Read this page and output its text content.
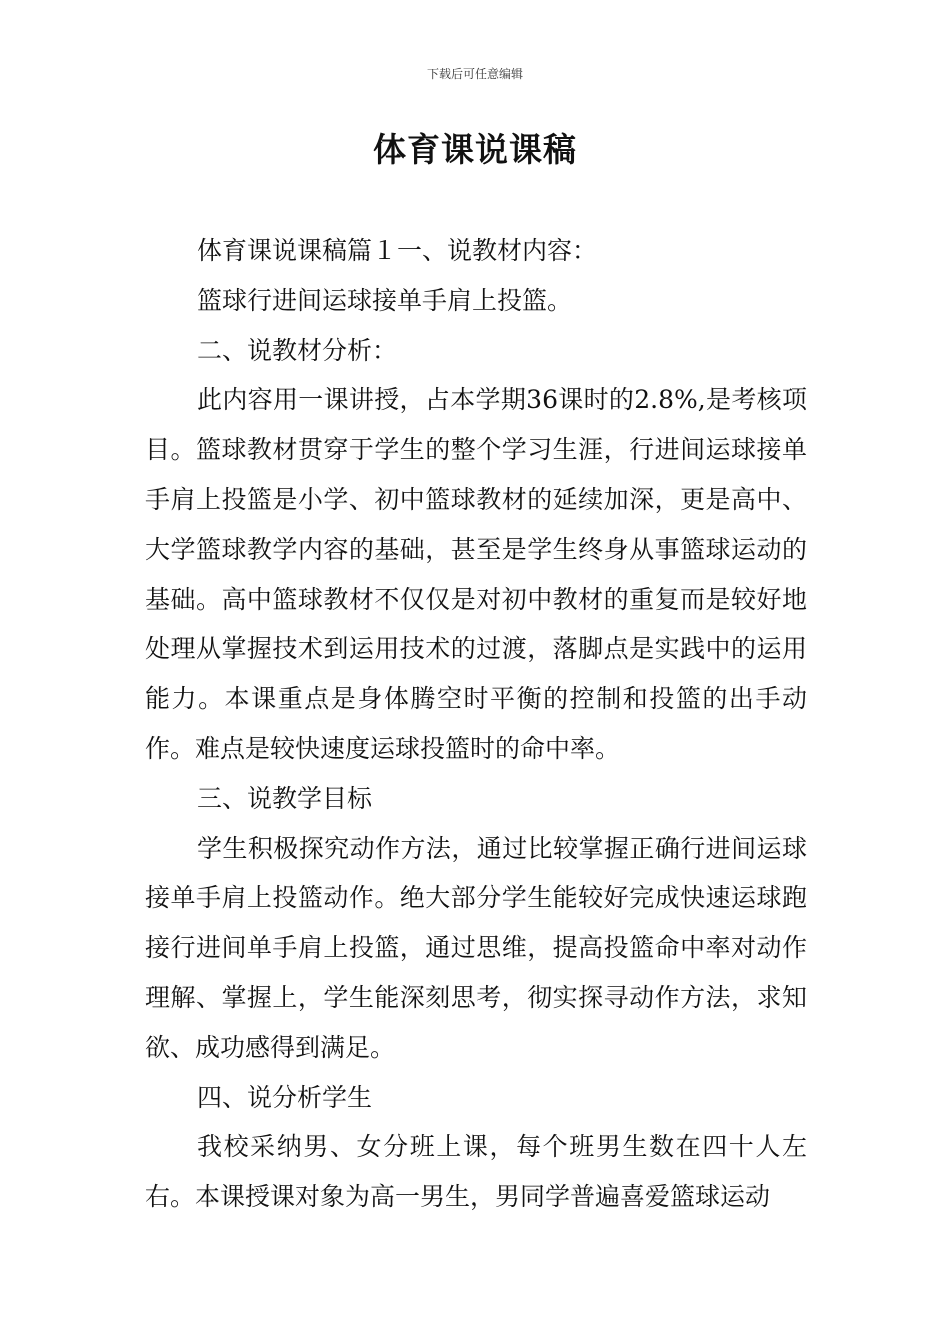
下载后可任意编辑
体育课说课稿

体育课说课稿篇１一、说教材内容：

篮球行进间运球接单手肩上投篮。

二、说教材分析：

此内容用一课讲授，占本学期36课时的2.8%,是考核项目。篮球教材贯穿于学生的整个学习生涯，行进间运球接单手肩上投篮是小学、初中篮球教材的延续加深，更是高中、大学篮球教学内容的基础，甚至是学生终身从事篮球运动的基础。高中篮球教材不仅仅是对初中教材的重复而是较好地处理从掌握技术到运用技术的过渡，落脚点是实践中的运用能力。本课重点是身体腾空时平衡的控制和投篮的出手动作。难点是较快速度运球投篮时的命中率。

三、说教学目标

学生积极探究动作方法，通过比较掌握正确行进间运球接单手肩上投篮动作。绝大部分学生能较好完成快速运球跑接行进间单手肩上投篮，通过思维，提高投篮命中率对动作理解、掌握上，学生能深刻思考，彻实探寻动作方法，求知欲、成功感得到满足。

四、说分析学生

我校采纳男、女分班上课，每个班男生数在四十人左右。本课授课对象为高一男生，男同学普遍喜爱篮球运动
